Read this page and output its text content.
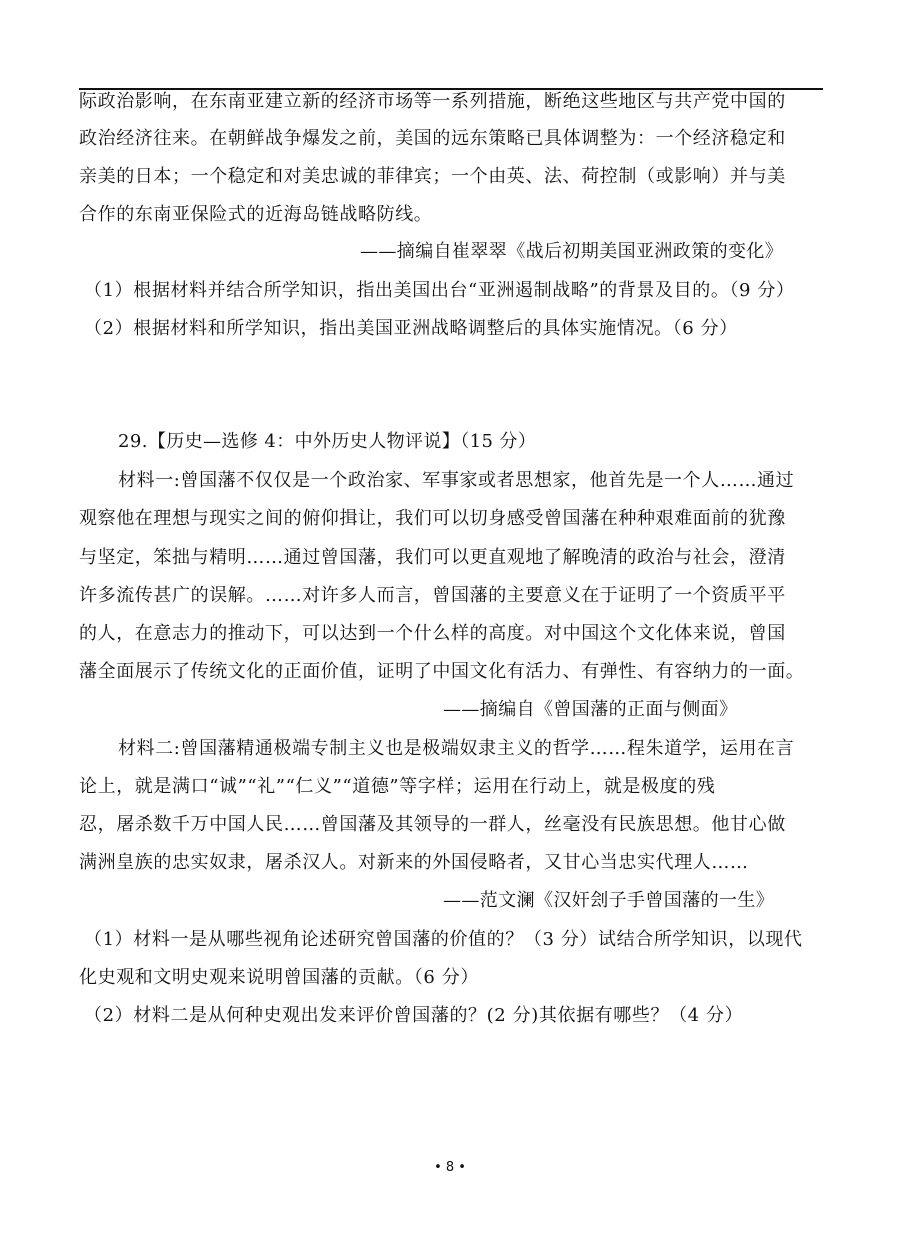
际政治影响，在东南亚建立新的经济市场等一系列措施，断绝这些地区与共产党中国的
政治经济往来。在朝鲜战争爆发之前，美国的远东策略已具体调整为：一个经济稳定和
亲美的日本；一个稳定和对美忠诚的菲律宾；一个由英、法、荷控制（或影响）并与美
合作的东南亚保险式的近海岛链战略防线。
——摘编自崔翠翠《战后初期美国亚洲政策的变化》
（1）根据材料并结合所学知识，指出美国出台“亚洲遏制战略”的背景及目的。（9 分）
（2）根据材料和所学知识，指出美国亚洲战略调整后的具体实施情况。（6 分）
29.【历史—选修 4：中外历史人物评说】（15 分）
材料一:曾国藩不仅仅是一个政治家、军事家或者思想家，他首先是一个人……通过
观察他在理想与现实之间的俯仰揖让，我们可以切身感受曾国藩在种种艰难面前的犹豫
与坚定，笨拙与精明……通过曾国藩，我们可以更直观地了解晚清的政治与社会，澄清
许多流传甚广的误解。……对许多人而言，曾国藩的主要意义在于证明了一个资质平平
的人，在意志力的推动下，可以达到一个什么样的高度。对中国这个文化体来说，曾国
藩全面展示了传统文化的正面价值，证明了中国文化有活力、有弹性、有容纳力的一面。
——摘编自《曾国藩的正面与侧面》
材料二:曾国藩精通极端专制主义也是极端奴隶主义的哲学……程朱道学，运用在言
论上，就是满口“诚”“礼”“仁义”“道德”等字样；运用在行动上，就是极度的残
忍，屠杀数千万中国人民……曾国藩及其领导的一群人，丝毫没有民族思想。他甘心做
满洲皇族的忠实奴隶，屠杀汉人。对新来的外国侵略者，又甘心当忠实代理人……
——范文澜《汉奸刽子手曾国藩的一生》
（1）材料一是从哪些视角论述研究曾国藩的价值的？（3 分）试结合所学知识，以现代
化史观和文明史观来说明曾国藩的贡献。（6 分）
（2）材料二是从何种史观出发来评价曾国藩的？(2 分)其依据有哪些？（4 分）
• 8 •
